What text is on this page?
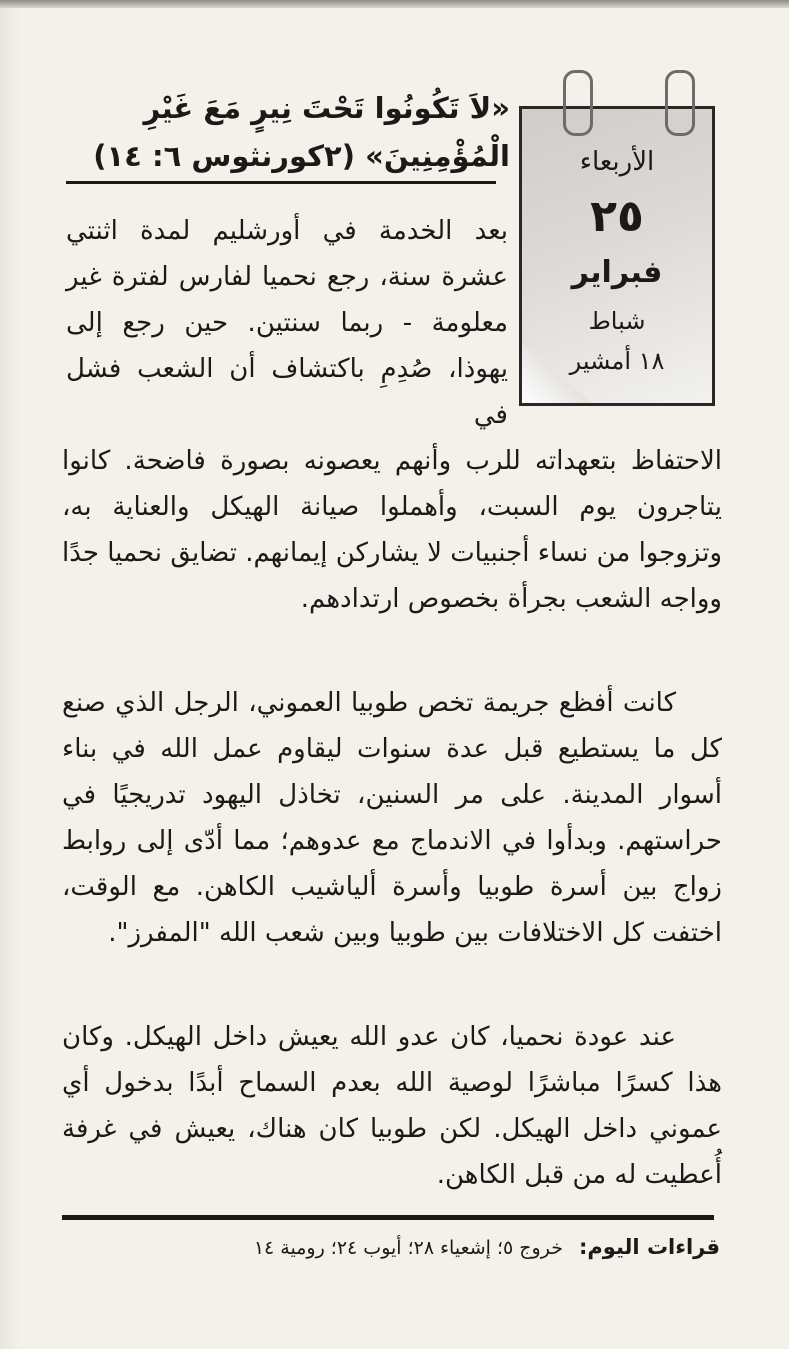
الأربعاء
٢٥
فبراير
شباط
١٨ أمشير
«لاَ تَكُونُوا تَحْتَ نِيرٍ مَعَ غَيْرِ الْمُؤْمِنِينَ» (٢كورنثوس ٦: ١٤)
بعد الخدمة في أورشليم لمدة اثنتي عشرة سنة، رجع نحميا لفارس لفترة غير معلومة - ربما سنتين. حين رجع إلى يهوذا، صُدِمِ باكتشاف أن الشعب فشل في
الاحتفاظ بتعهداته للرب وأنهم يعصونه بصورة فاضحة. كانوا يتاجرون يوم السبت، وأهملوا صيانة الهيكل والعناية به، وتزوجوا من نساء أجنبيات لا يشاركن إيمانهم. تضايق نحميا جدًا وواجه الشعب بجرأة بخصوص ارتدادهم.
كانت أفظع جريمة تخص طوبيا العموني، الرجل الذي صنع كل ما يستطيع قبل عدة سنوات ليقاوم عمل الله في بناء أسوار المدينة. على مر السنين، تخاذل اليهود تدريجيًا في حراستهم. وبدأوا في الاندماج مع عدوهم؛ مما أدّى إلى روابط زواج بين أسرة طوبيا وأسرة ألياشيب الكاهن. مع الوقت، اختفت كل الاختلافات بين طوبيا وبين شعب الله "المفرز".
عند عودة نحميا، كان عدو الله يعيش داخل الهيكل. وكان هذا كسرًا مباشرًا لوصية الله بعدم السماح أبدًا بدخول أي عموني داخل الهيكل. لكن طوبيا كان هناك، يعيش في غرفة أُعطيت له من قبل الكاهن.
قراءات اليوم: خروج ٥؛ إشعياء ٢٨؛ أيوب ٢٤؛ رومية ١٤
